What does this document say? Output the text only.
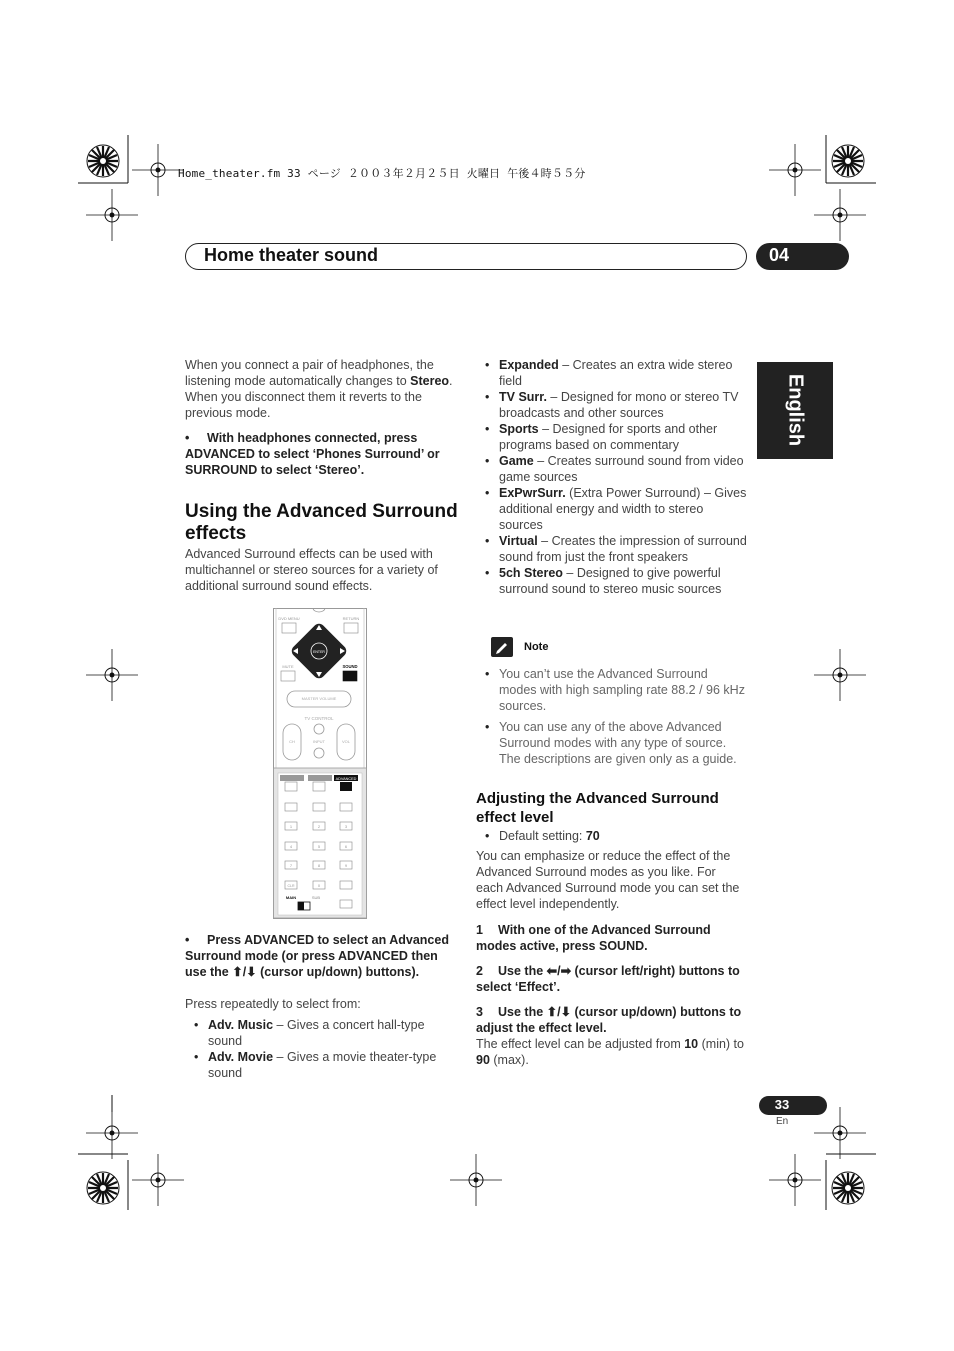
Home_theater.fm 33 ページ ２００３年２月２５日 火曜日 午後４時５５分
Home theater sound	04
English
When you connect a pair of headphones, the listening mode automatically changes to Stereo. When you disconnect them it reverts to the previous mode.
• With headphones connected, press ADVANCED to select ‘Phones Surround’ or SURROUND to select ‘Stereo’.
Using the Advanced Surround effects
Advanced Surround effects can be used with multichannel or stereo sources for a variety of additional surround sound effects.
DVD MENU	RETURN
ENTER
MUTE	SOUND
MASTER VOLUME
TV CONTROL
CH	VOL
INPUT
ADVANCED
1	2	3
4	5	6
7	8	9
0
CLR
MAIN	SUB
• Press ADVANCED to select an Advanced Surround mode (or press ADVANCED then use the ⬆/⬇ (cursor up/down) buttons).
Press repeatedly to select from:
• Adv. Music – Gives a concert hall-type sound
• Adv. Movie – Gives a movie theater-type sound
• Expanded – Creates an extra wide stereo field
• TV Surr. – Designed for mono or stereo TV broadcasts and other sources
• Sports – Designed for sports and other programs based on commentary
• Game – Creates surround sound from video game sources
• ExPwrSurr. (Extra Power Surround) – Gives additional energy and width to stereo sources
• Virtual – Creates the impression of surround sound from just the front speakers
• 5ch Stereo – Designed to give powerful surround sound to stereo music sources
Note
• You can’t use the Advanced Surround modes with high sampling rate 88.2 / 96 kHz sources.
• You can use any of the above Advanced Surround modes with any type of source. The descriptions are given only as a guide.
Adjusting the Advanced Surround effect level
• Default setting: 70
You can emphasize or reduce the effect of the Advanced Surround modes as you like. For each Advanced Surround mode you can set the effect level independently.
1 With one of the Advanced Surround modes active, press SOUND.
2 Use the ⬅/➡ (cursor left/right) buttons to select ‘Effect’.
3 Use the ⬆/⬇ (cursor up/down) buttons to adjust the effect level.
The effect level can be adjusted from 10 (min) to 90 (max).
33
En
